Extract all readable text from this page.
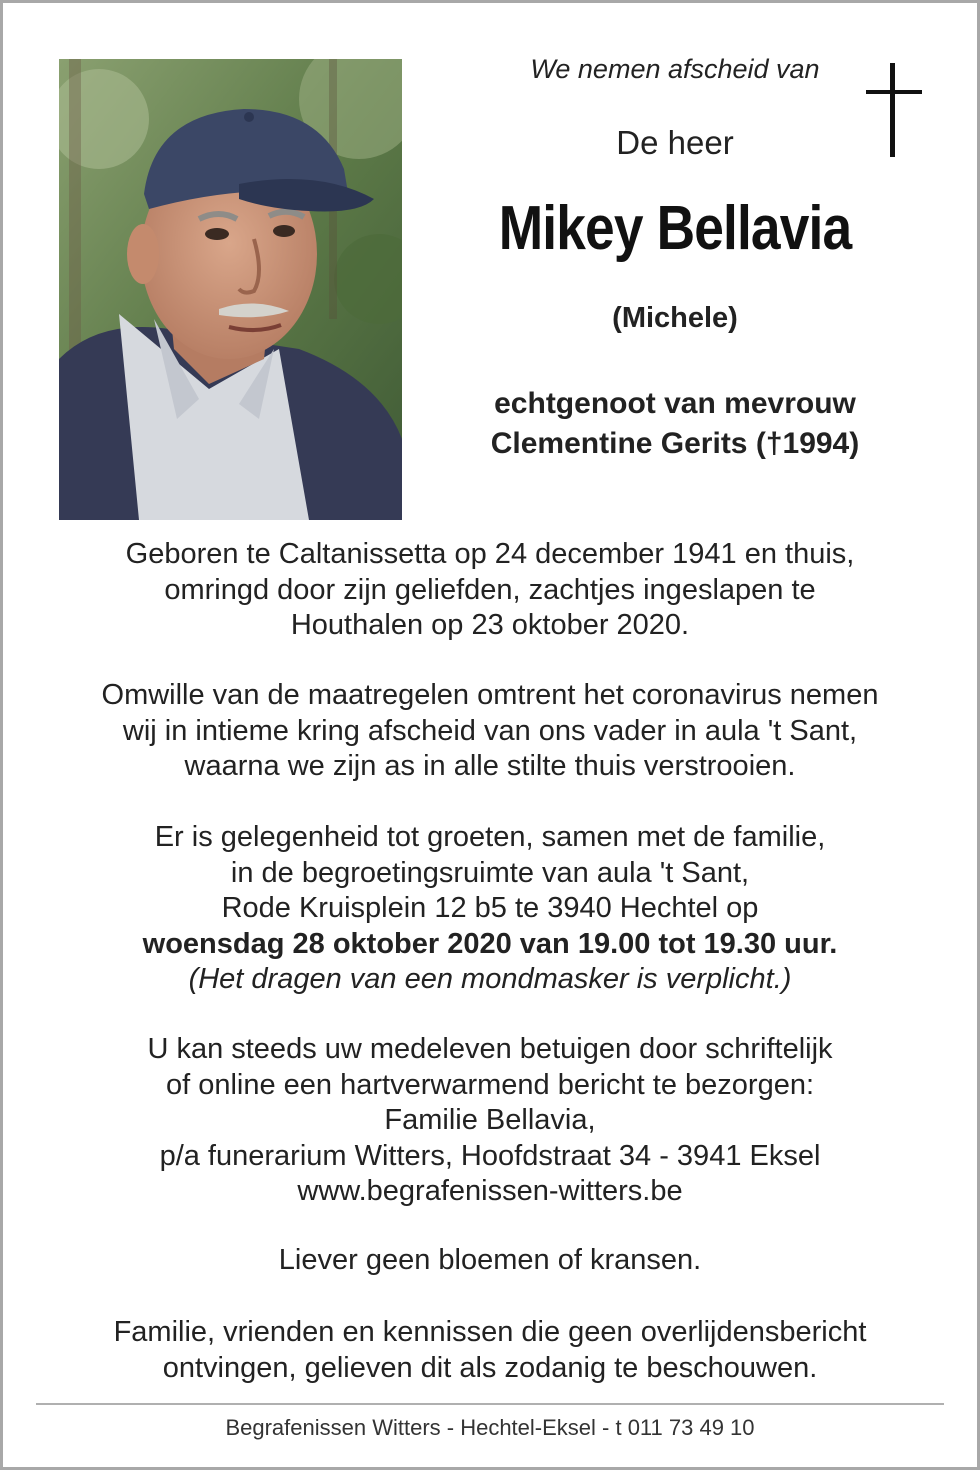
We nemen afscheid van
De heer
Mikey Bellavia
(Michele)
echtgenoot van mevrouw
Clementine Gerits (†1994)
Geboren te Caltanissetta op 24 december 1941 en thuis,
omringd door zijn geliefden, zachtjes ingeslapen te
Houthalen op 23 oktober 2020.
Omwille van de maatregelen omtrent het coronavirus nemen
wij in intieme kring afscheid van ons vader in aula 't Sant,
waarna we zijn as in alle stilte thuis verstrooien.
Er is gelegenheid tot groeten, samen met de familie,
in de begroetingsruimte van aula 't Sant,
Rode Kruisplein 12 b5 te 3940 Hechtel op
woensdag 28 oktober 2020 van 19.00 tot 19.30 uur.
(Het dragen van een mondmasker is verplicht.)
U kan steeds uw medeleven betuigen door schriftelijk
of online een hartverwarmend bericht te bezorgen:
Familie Bellavia,
p/a funerarium Witters, Hoofdstraat 34 - 3941 Eksel
www.begrafenissen-witters.be
Liever geen bloemen of kransen.
Familie, vrienden en kennissen die geen overlijdensbericht
ontvingen, gelieven dit als zodanig te beschouwen.
Begrafenissen Witters - Hechtel-Eksel - t 011 73 49 10
